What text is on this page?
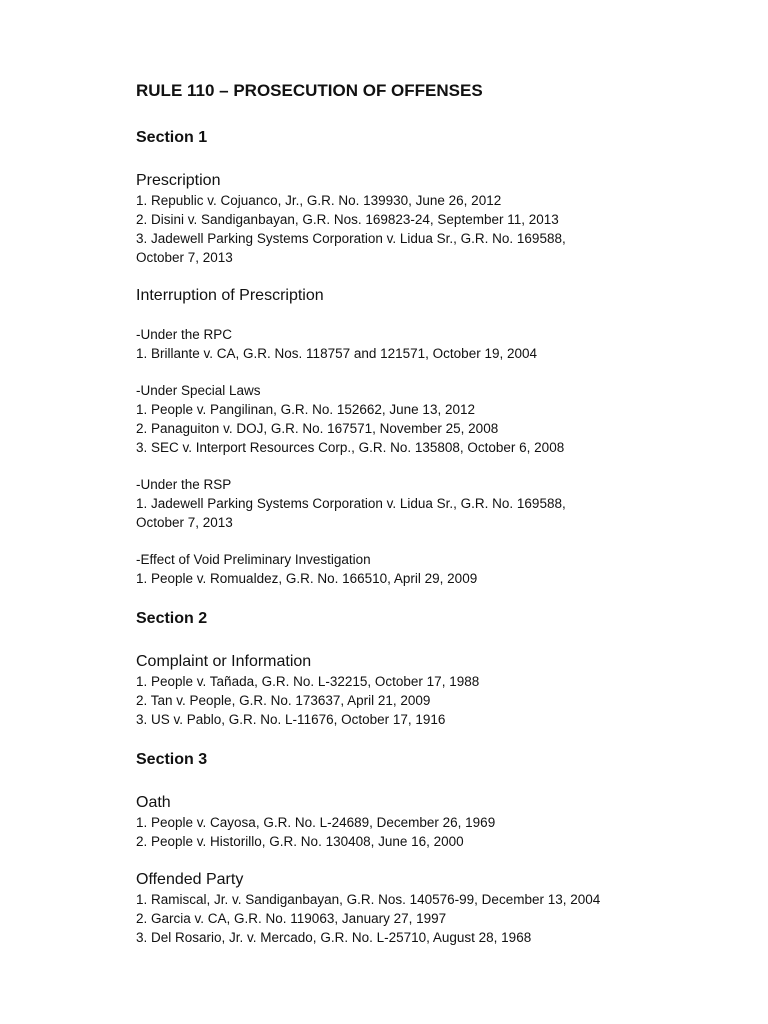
RULE 110 – PROSECUTION OF OFFENSES
Section 1

Prescription

1. Republic v. Cojuanco, Jr., G.R. No. 139930, June 26, 2012
2. Disini v. Sandiganbayan, G.R. Nos. 169823-24, September 11, 2013
3. Jadewell Parking Systems Corporation v. Lidua Sr., G.R. No. 169588,
October 7, 2013

Interruption of Prescription

-Under the RPC

1. Brillante v. CA, G.R. Nos. 118757 and 121571, October 19, 2004

-Under Special Laws

1. People v. Pangilinan, G.R. No. 152662, June 13, 2012
2. Panaguiton v. DOJ, G.R. No. 167571, November 25, 2008
3. SEC v. Interport Resources Corp., G.R. No. 135808, October 6, 2008

-Under the RSP

1. Jadewell Parking Systems Corporation v. Lidua Sr., G.R. No. 169588,
October 7, 2013

-Effect of Void Preliminary Investigation

1. People v. Romualdez, G.R. No. 166510, April 29, 2009
Section 2

Complaint or Information

1. People v. Tañada, G.R. No. L-32215, October 17, 1988
2. Tan v. People, G.R. No. 173637, April 21, 2009
3. US v. Pablo, G.R. No. L-11676, October 17, 1916
Section 3

Oath

1. People v. Cayosa, G.R. No. L-24689, December 26, 1969
2. People v. Historillo, G.R. No. 130408, June 16, 2000

Offended Party

1. Ramiscal, Jr. v. Sandiganbayan, G.R. Nos. 140576-99, December 13, 2004
2. Garcia v. CA, G.R. No. 119063, January 27, 1997
3. Del Rosario, Jr. v. Mercado, G.R. No. L-25710, August 28, 1968
